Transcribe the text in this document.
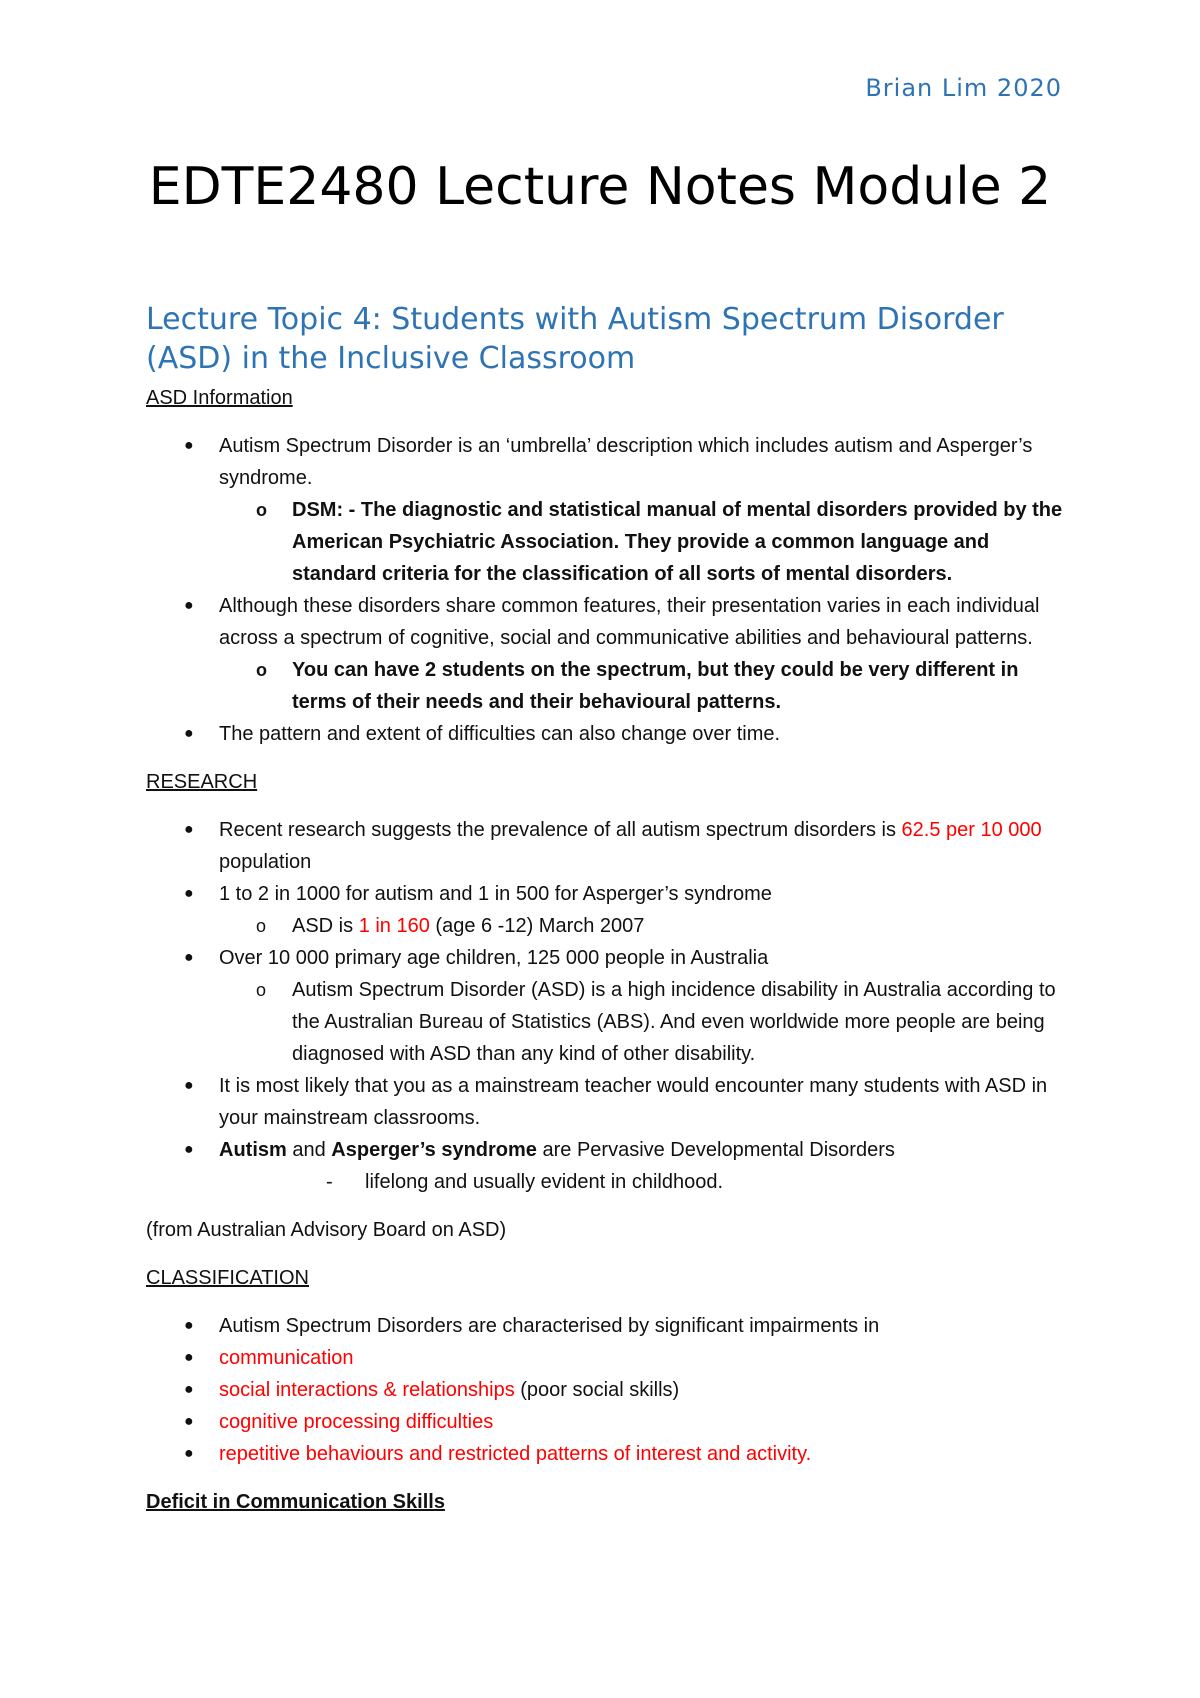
Brian Lim 2020
EDTE2480 Lecture Notes Module 2
Lecture Topic 4: Students with Autism Spectrum Disorder (ASD) in the Inclusive Classroom

ASD Information

● Autism Spectrum Disorder is an ‘umbrella’ description which includes autism and Asperger’s syndrome.
o DSM: - The diagnostic and statistical manual of mental disorders provided by the American Psychiatric Association. They provide a common language and standard criteria for the classification of all sorts of mental disorders.
● Although these disorders share common features, their presentation varies in each individual across a spectrum of cognitive, social and communicative abilities and behavioural patterns.
o You can have 2 students on the spectrum, but they could be very different in terms of their needs and their behavioural patterns.
● The pattern and extent of difficulties can also change over time.

RESEARCH

● Recent research suggests the prevalence of all autism spectrum disorders is 62.5 per 10 000 population
● 1 to 2 in 1000 for autism and 1 in 500 for Asperger’s syndrome
o ASD is 1 in 160 (age 6 -12) March 2007
● Over 10 000 primary age children, 125 000 people in Australia
o Autism Spectrum Disorder (ASD) is a high incidence disability in Australia according to the Australian Bureau of Statistics (ABS). And even worldwide more people are being diagnosed with ASD than any kind of other disability.
● It is most likely that you as a mainstream teacher would encounter many students with ASD in your mainstream classrooms.
● Autism and Asperger’s syndrome are Pervasive Developmental Disorders
- lifelong and usually evident in childhood.

(from Australian Advisory Board on ASD)

CLASSIFICATION

● Autism Spectrum Disorders are characterised by significant impairments in
● communication
● social interactions & relationships (poor social skills)
● cognitive processing difficulties
● repetitive behaviours and restricted patterns of interest and activity.

Deficit in Communication Skills
